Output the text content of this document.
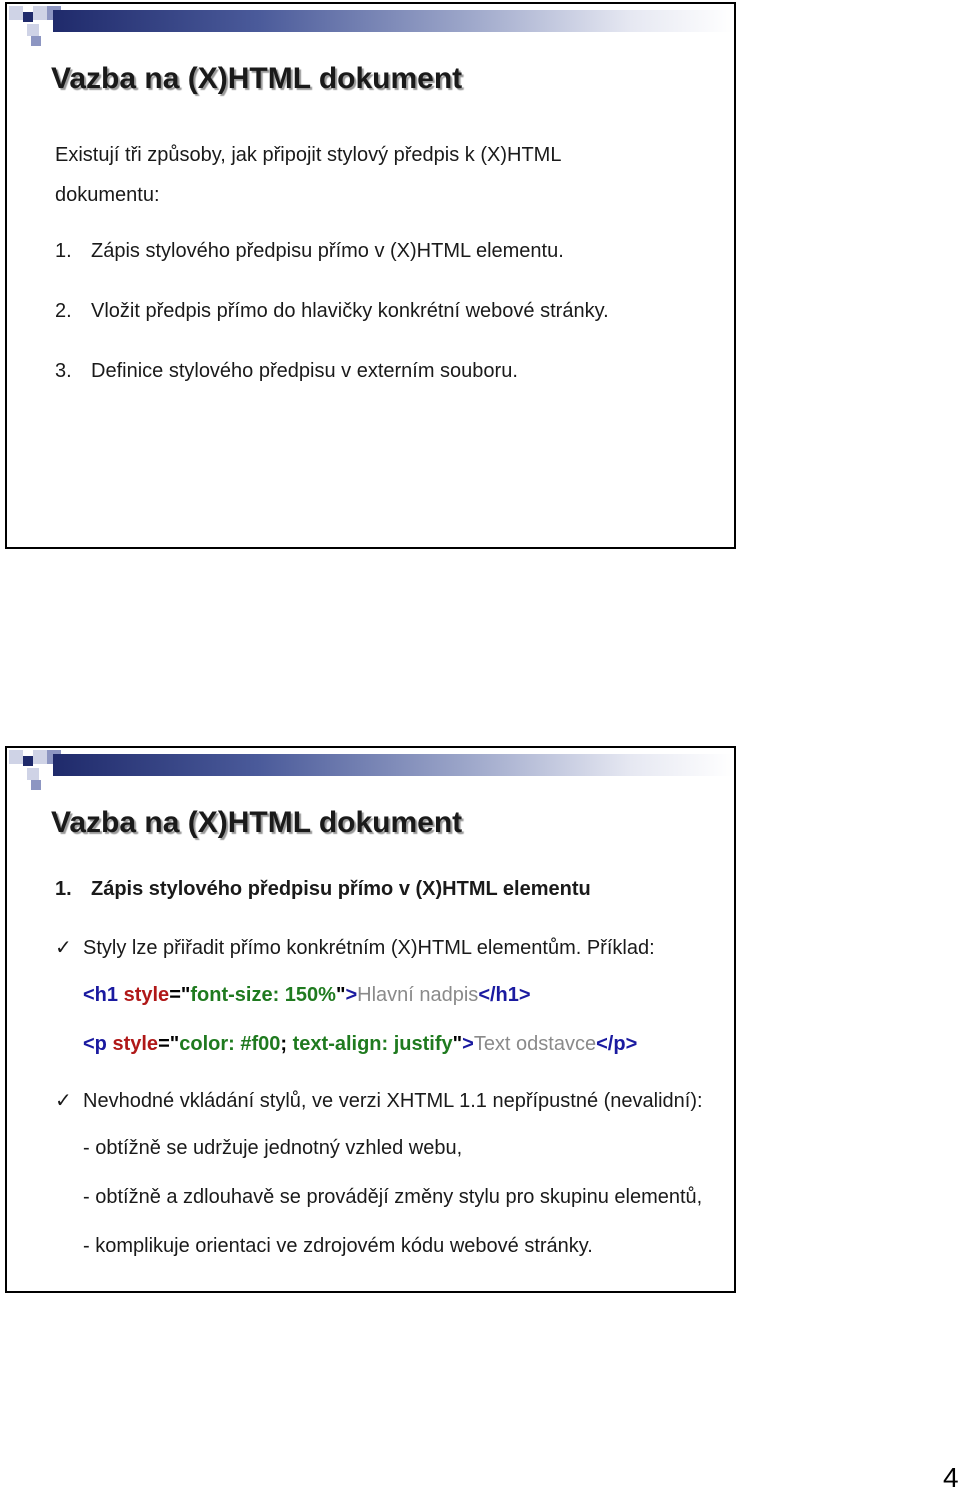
Vazba na (X)HTML dokument
Existují tři způsoby, jak připojit stylový předpis k (X)HTML
dokumentu:
1. Zápis stylového předpisu přímo v (X)HTML elementu.
2. Vložit předpis přímo do hlavičky konkrétní webové stránky.
3. Definice stylového předpisu v externím souboru.
Vazba na (X)HTML dokument
1. Zápis stylového předpisu přímo v (X)HTML elementu
✓ Styly lze přiřadit přímo konkrétním (X)HTML elementům. Příklad:
<h1 style="font-size: 150%">Hlavní nadpis</h1>
<p style="color: #f00; text-align: justify">Text odstavce</p>
✓ Nevhodné vkládání stylů, ve verzi XHTML 1.1 nepřípustné (nevalidní):
- obtížně se udržuje jednotný vzhled webu,
- obtížně a zdlouhavě se provádějí změny stylu pro skupinu elementů,
- komplikuje orientaci ve zdrojovém kódu webové stránky.
4
